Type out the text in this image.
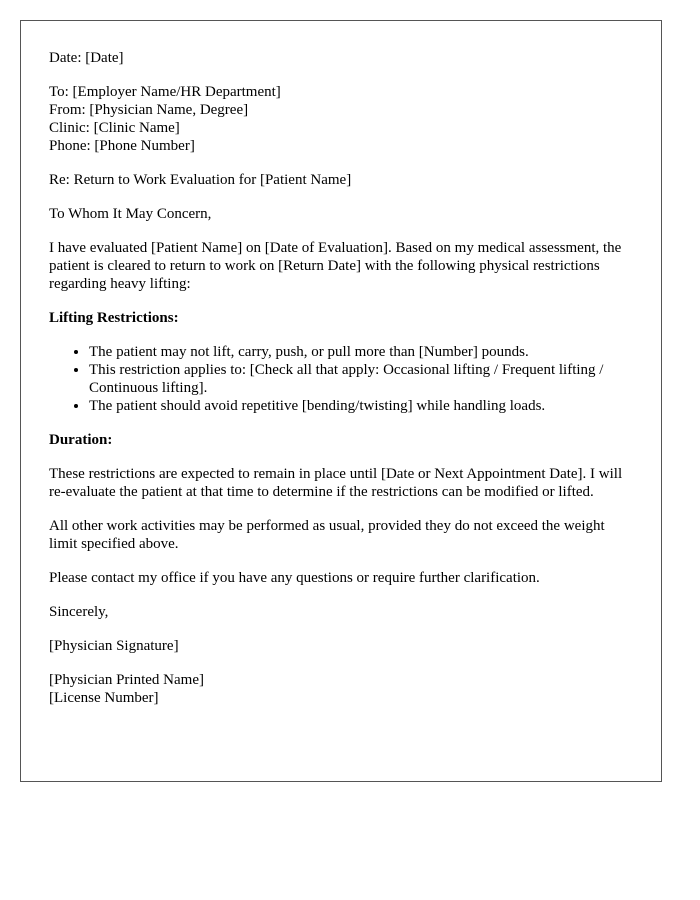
Date: [Date]

To: [Employer Name/HR Department]
From: [Physician Name, Degree]
Clinic: [Clinic Name]
Phone: [Phone Number]

Re: Return to Work Evaluation for [Patient Name]

To Whom It May Concern,

I have evaluated [Patient Name] on [Date of Evaluation]. Based on my medical assessment, the patient is cleared to return to work on [Return Date] with the following physical restrictions regarding heavy lifting:

Lifting Restrictions:
• The patient may not lift, carry, push, or pull more than [Number] pounds.
• This restriction applies to: [Check all that apply: Occasional lifting / Frequent lifting / Continuous lifting].
• The patient should avoid repetitive [bending/twisting] while handling loads.
Duration:

These restrictions are expected to remain in place until [Date or Next Appointment Date]. I will re-evaluate the patient at that time to determine if the restrictions can be modified or lifted.

All other work activities may be performed as usual, provided they do not exceed the weight limit specified above.

Please contact my office if you have any questions or require further clarification.

Sincerely,

[Physician Signature]

[Physician Printed Name]
[License Number]
